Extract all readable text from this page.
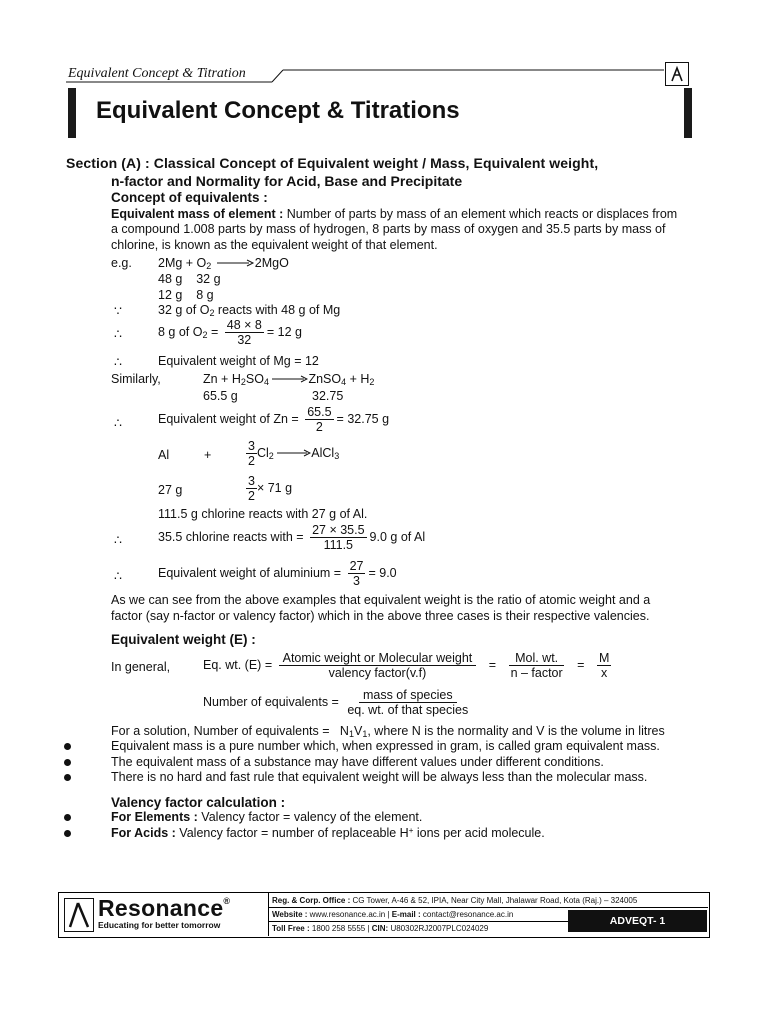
Equivalent Concept & Titration
Equivalent Concept & Titrations
Section (A) : Classical Concept of Equivalent weight / Mass, Equivalent weight,
n-factor and Normality for Acid, Base and Precipitate
Concept of equivalents :
Equivalent mass of element : Number of parts by mass of an element which reacts or displaces from
a compound 1.008 parts by mass of hydrogen, 8 parts by mass of oxygen and 35.5 parts by mass of
chlorine, is known as the equivalent weight of that element.
e.g. $2Mg + O_2$	2MgO
48 g    32 g
12 g    8 g
∵	32 g of $O_2$ reacts with 48 g of Mg
∴	8 g of $O_2 = \frac{48 \times 8}{32} = 12$ g
∴	Equivalent weight of Mg = 12
Similarly,	$Zn + H_2SO_4$	ZnSO$_4$ + $H_2$
65.5 g	32.75
∴	Equivalent weight of $Zn = \frac{65.5}{2} = 32.75$ g
Al	+	$\frac{3}{2} Cl_2$	AlCl$_3$
27 g	$\frac{3}{2} \times 71$ g
111.5 g chlorine reacts with 27 g of Al.
∴	35.5 chlorine reacts with = $\frac{27 \times 35.5}{111.5} 9.0$ g of Al
∴	Equivalent weight of aluminium = $\frac{27}{3} = 9.0$
As we can see from the above examples that equivalent weight is the ratio of atomic weight and a
factor (say n-factor or valency factor) which in the above three cases is their respective valencies.
Equivalent weight (E) :
In general,	Eq. wt. $(E) = \frac{\text{Atomic weight or Molecular weight}}{\text{valency factor(v.f)}} = \frac{\text{Mol. wt.}}{\text{n – factor}} = \frac{M}{x}$
Number of equivalents = $\frac{\text{mass of species}}{\text{eq. wt. of that species}}$
For a solution, Number of equivalents =   $N_1V_1$, where N is the normality and V is the volume in litres
Equivalent mass is a pure number which, when expressed in gram, is called gram equivalent mass.
The equivalent mass of a substance may have different values under different conditions.
There is no hard and fast rule that equivalent weight will be always less than the molecular mass.
Valency factor calculation :
For Elements : Valency factor = valency of the element.
For Acids : Valency factor = number of replaceable H+ ions per acid molecule.
Resonance®
Educating for better tomorrow
Reg. & Corp. Office : CG Tower, A-46 & 52, IPIA, Near City Mall, Jhalawar Road, Kota (Raj.) – 324005
Website : www.resonance.ac.in | E-mail : contact@resonance.ac.in
Toll Free : 1800 258 5555 | CIN: U80302RJ2007PLC024029
ADVEQT- 1
